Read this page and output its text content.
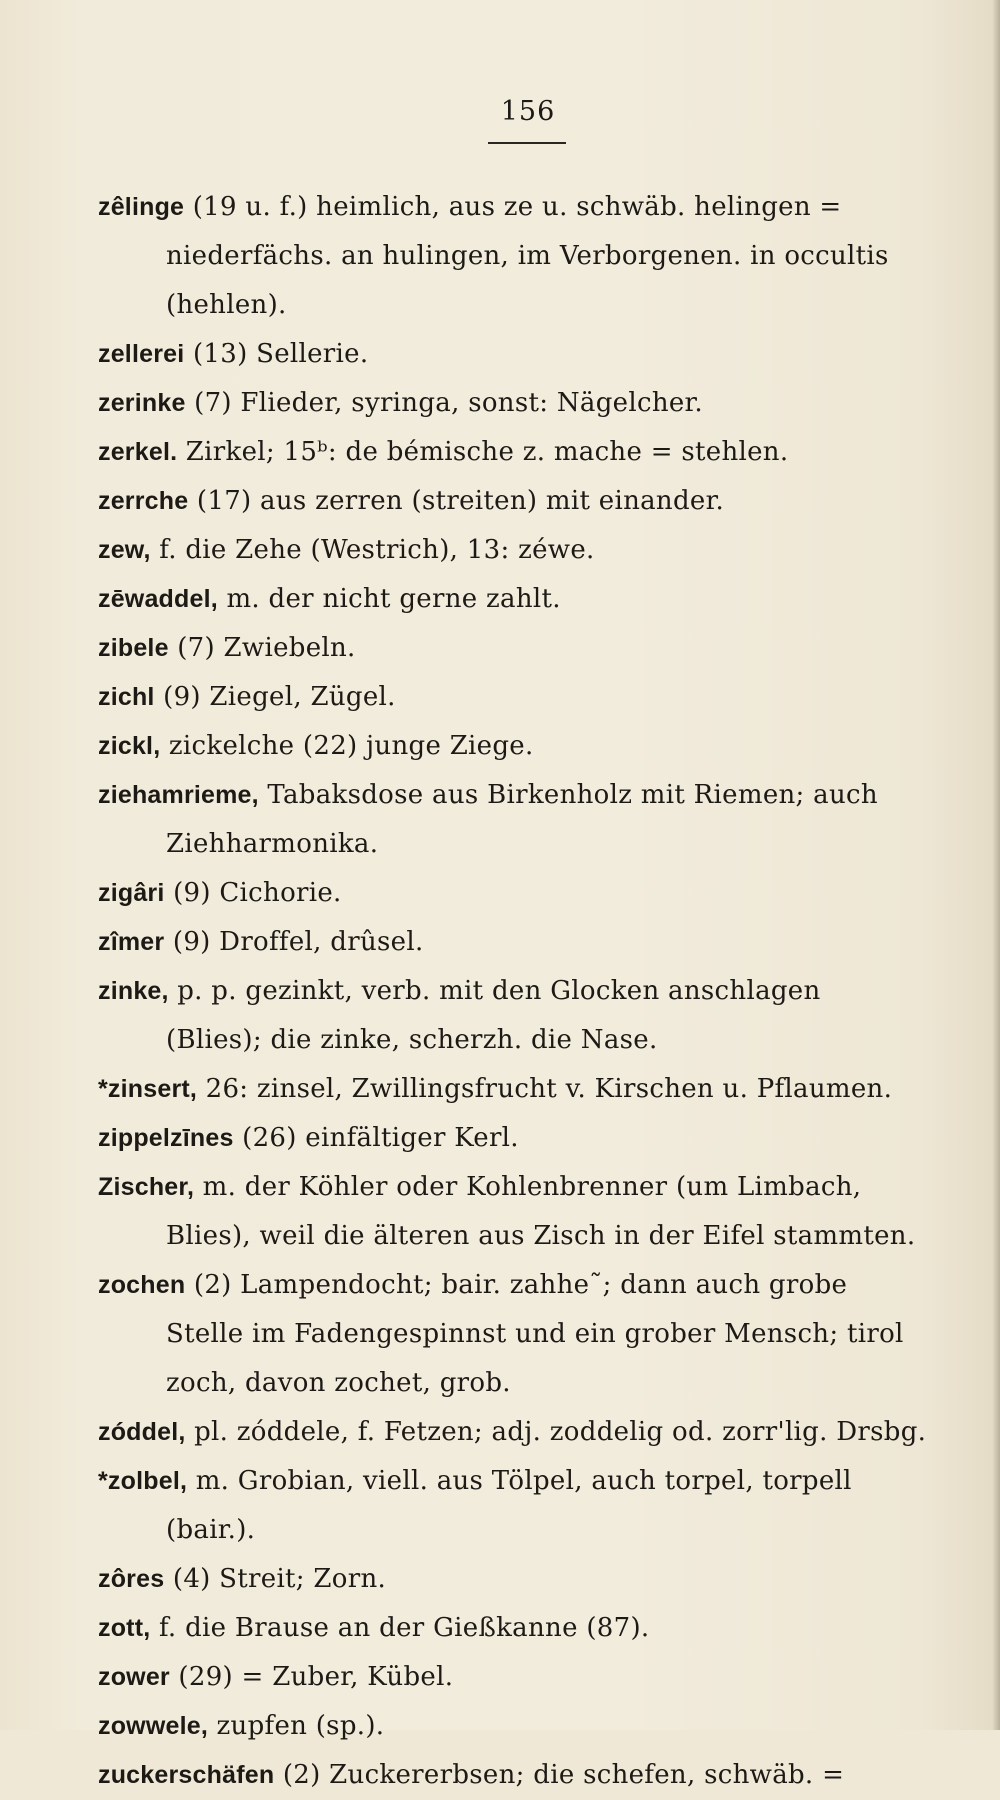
156
zêlinge (19 u. f.) heimlich, aus ze u. schwäb. helingen =
niederfächs. an hulingen, im Verborgenen. in occultis
(hehlen).
zellerei (13) Sellerie.
zerinke (7) Flieder, syringa, sonst: Nägelcher.
zerkel. Zirkel; 15ᵇ: de bémische z. mache = stehlen.
zerrche (17) aus zerren (streiten) mit einander.
zew, f. die Zehe (Westrich), 13: zéwe.
zēwaddel, m. der nicht gerne zahlt.
zibele (7) Zwiebeln.
zichl (9) Ziegel, Zügel.
zickl, zickelche (22) junge Ziege.
ziehamrieme, Tabaksdose aus Birkenholz mit Riemen; auch
Ziehharmonika.
zigâri (9) Cichorie.
zîmer (9) Droffel, drûsel.
zinke, p. p. gezinkt, verb. mit den Glocken anschlagen
(Blies); die zinke, scherzh. die Nase.
*zinsert, 26: zinsel, Zwillingsfrucht v. Kirschen u. Pflaumen.
zippelzīnes (26) einfältiger Kerl.
Zischer, m. der Köhler oder Kohlenbrenner (um Limbach,
Blies), weil die älteren aus Zisch in der Eifel stammten.
zochen (2) Lampendocht; bair. zahhe˜; dann auch grobe
Stelle im Fadengespinnst und ein grober Mensch; tirol
zoch, davon zochet, grob.
zóddel, pl. zóddele, f. Fetzen; adj. zoddelig od. zorr'lig. Drsbg.
*zolbel, m. Grobian, viell. aus Tölpel, auch torpel, torpell
(bair.).
zôres (4) Streit; Zorn.
zott, f. die Brause an der Gießkanne (87).
zower (29) = Zuber, Kübel.
zowwele, zupfen (sp.).
zuckerschäfen (2) Zuckererbsen; die schefen, schwäb. =
